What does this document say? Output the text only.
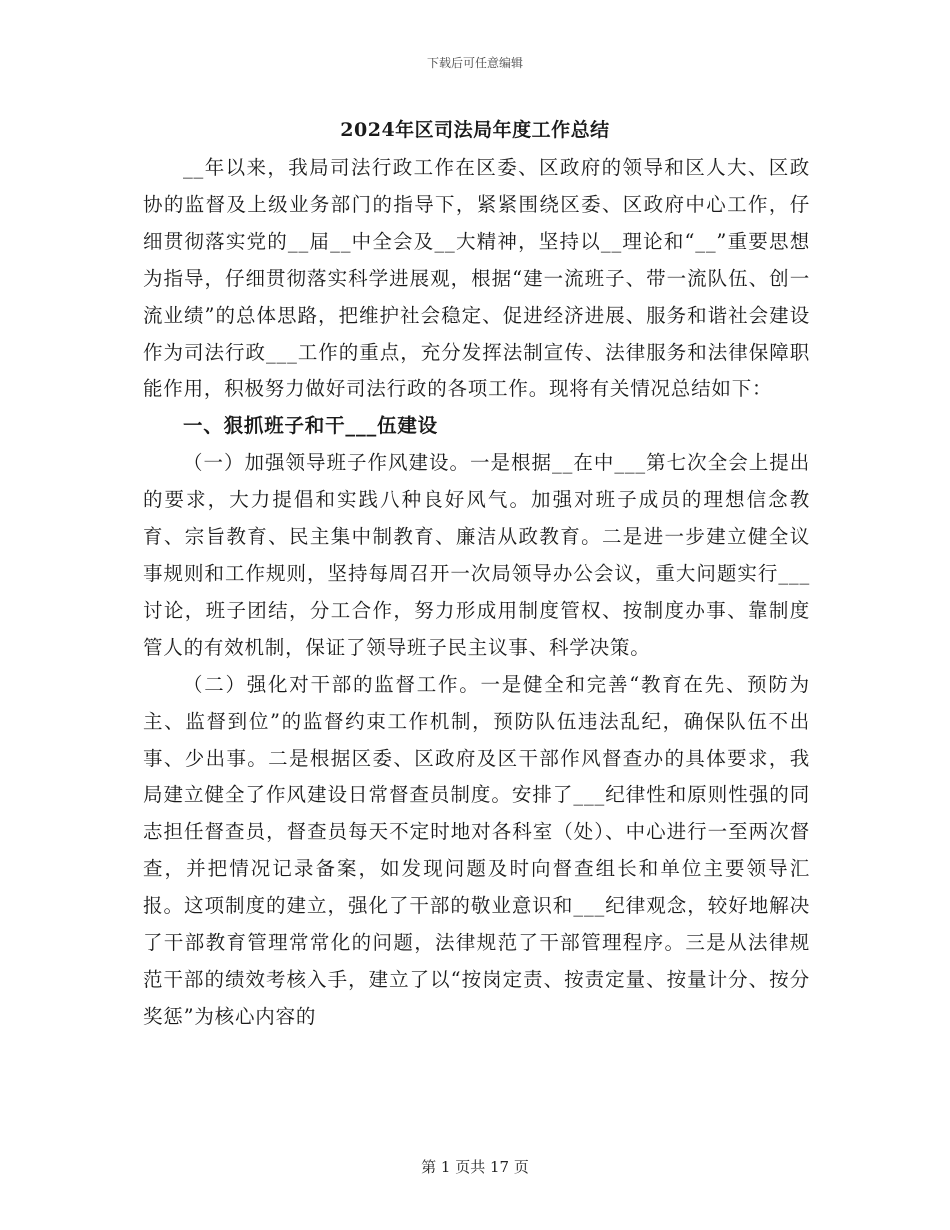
下载后可任意编辑
2024年区司法局年度工作总结

__年以来，我局司法行政工作在区委、区政府的领导和区人大、区政协的监督及上级业务部门的指导下，紧紧围绕区委、区政府中心工作，仔细贯彻落实党的__届__中全会及__大精神，坚持以__理论和“__”重要思想为指导，仔细贯彻落实科学进展观，根据“建一流班子、带一流队伍、创一流业绩”的总体思路，把维护社会稳定、促进经济进展、服务和谐社会建设作为司法行政___工作的重点，充分发挥法制宣传、法律服务和法律保障职能作用，积极努力做好司法行政的各项工作。现将有关情况总结如下：

一、狠抓班子和干___伍建设

（一）加强领导班子作风建设。一是根据__在中___第七次全会上提出的要求，大力提倡和实践八种良好风气。加强对班子成员的理想信念教育、宗旨教育、民主集中制教育、廉洁从政教育。二是进一步建立健全议事规则和工作规则，坚持每周召开一次局领导办公会议，重大问题实行___讨论，班子团结，分工合作，努力形成用制度管权、按制度办事、靠制度管人的有效机制，保证了领导班子民主议事、科学决策。

（二）强化对干部的监督工作。一是健全和完善“教育在先、预防为主、监督到位”的监督约束工作机制，预防队伍违法乱纪，确保队伍不出事、少出事。二是根据区委、区政府及区干部作风督查办的具体要求，我局建立健全了作风建设日常督查员制度。安排了___纪律性和原则性强的同志担任督查员，督查员每天不定时地对各科室（处）、中心进行一至两次督查，并把情况记录备案，如发现问题及时向督查组长和单位主要领导汇报。这项制度的建立，强化了干部的敬业意识和___纪律观念，较好地解决了干部教育管理常常化的问题，法律规范了干部管理程序。三是从法律规范干部的绩效考核入手，建立了以“按岗定责、按责定量、按量计分、按分奖惩”为核心内容的

第 1 页共 17 页
